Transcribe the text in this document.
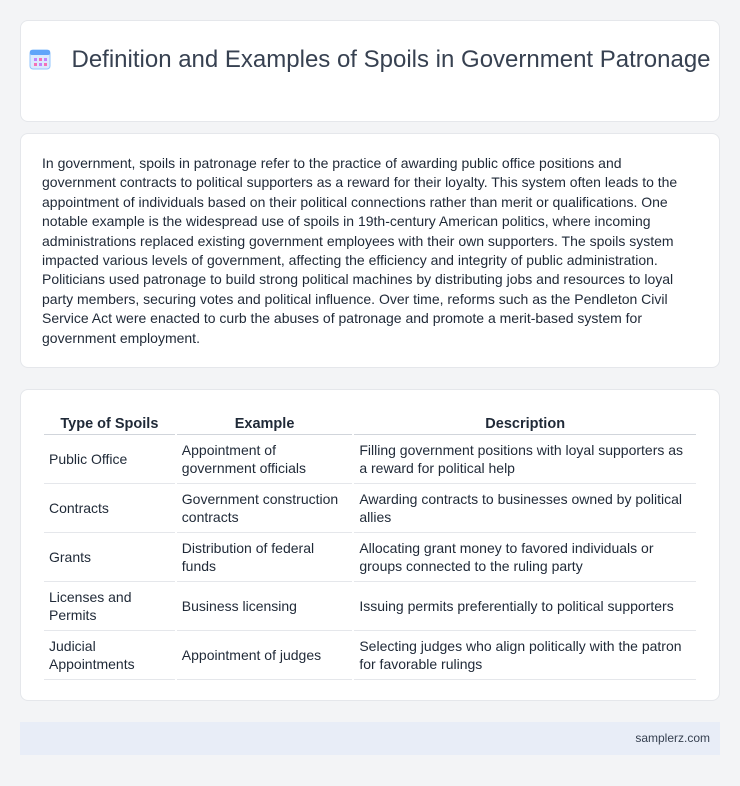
Definition and Examples of Spoils in Government Patronage

In government, spoils in patronage refer to the practice of awarding public office positions and government contracts to political supporters as a reward for their loyalty. This system often leads to the appointment of individuals based on their political connections rather than merit or qualifications. One notable example is the widespread use of spoils in 19th-century American politics, where incoming administrations replaced existing government employees with their own supporters. The spoils system impacted various levels of government, affecting the efficiency and integrity of public administration. Politicians used patronage to build strong political machines by distributing jobs and resources to loyal party members, securing votes and political influence. Over time, reforms such as the Pendleton Civil Service Act were enacted to curb the abuses of patronage and promote a merit-based system for government employment.

Type of Spoils	Example	Description
Public Office	Appointment of government officials	Filling government positions with loyal supporters as a reward for political help
Contracts	Government construction contracts	Awarding contracts to businesses owned by political allies
Grants	Distribution of federal funds	Allocating grant money to favored individuals or groups connected to the ruling party
Licenses and Permits	Business licensing	Issuing permits preferentially to political supporters
Judicial Appointments	Appointment of judges	Selecting judges who align politically with the patron for favorable rulings
samplerz.com
